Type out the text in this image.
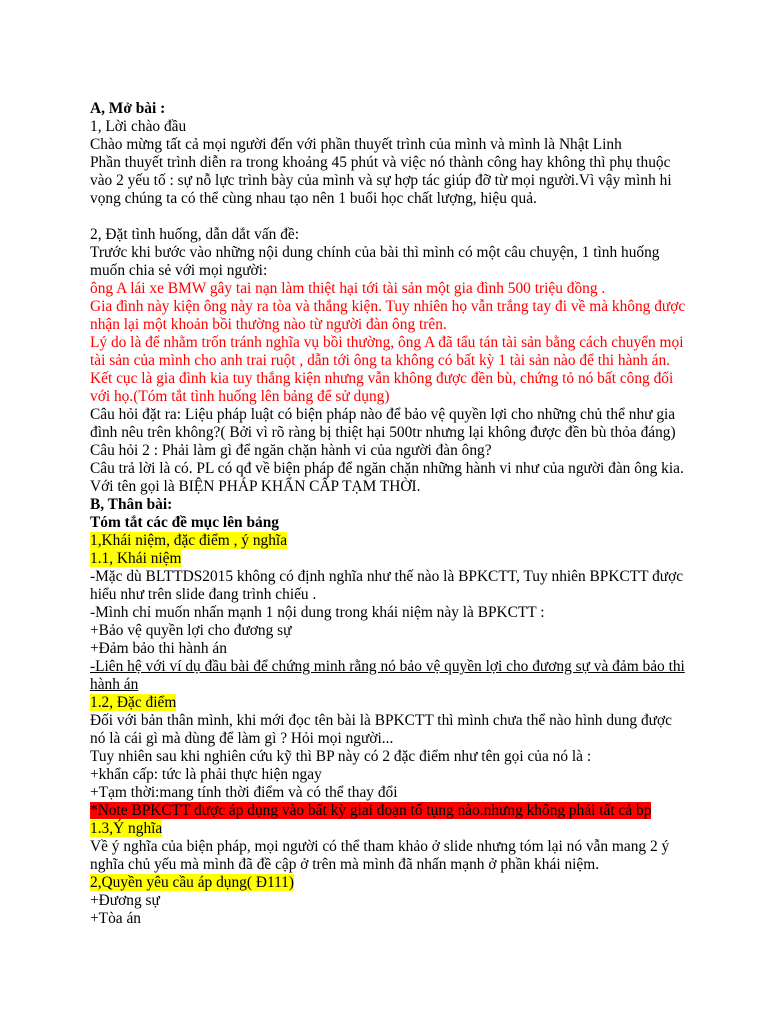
A, Mở bài :
1, Lời chào đầu
Chào mừng tất cả mọi người đến với phần thuyết trình của mình và mình là Nhật Linh
Phần thuyết trình diễn ra trong khoảng 45 phút và việc nó thành công hay không thì phụ thuộc
vào 2 yếu tố : sự nỗ lực trình bày của mình và sự hợp tác giúp đỡ từ mọi người.Vì vậy mình hi
vọng chúng ta có thể cùng nhau tạo nên 1 buổi học chất lượng, hiệu quả.
2, Đặt tình huống, dẫn dắt vấn đề:
Trước khi bước vào những nội dung chính của bài thì mình có một câu chuyện, 1 tình huống
muốn chia sẻ với mọi người:
ông A lái xe BMW gây tai nạn làm thiệt hại tới tài sản một gia đình 500 triệu đồng .
Gia đình này kiện ông này ra tòa và thắng kiện. Tuy nhiên họ vẫn trắng tay đi về mà không được
nhận lại một khoản bồi thường nào từ người đàn ông trên.
Lý do là để nhằm trốn tránh nghĩa vụ bồi thường, ông A đã tẩu tán tài sản bằng cách chuyển mọi
tài sản của mình cho anh trai ruột , dẫn tới ông ta không có bất kỳ 1 tài sản nào để thi hành án.
Kết cục là gia đình kia tuy thắng kiện nhưng vẫn không được đền bù, chứng tỏ nó bất công đối
với họ.(Tóm tắt tình huống lên bảng để sử dụng)
Câu hỏi đặt ra: Liệu pháp luật có biện pháp nào để bảo vệ quyền lợi cho những chủ thể như gia
đình nêu trên không?( Bởi vì rõ ràng bị thiệt hại 500tr nhưng lại không được đền bù thỏa đáng)
Câu hỏi 2 : Phải làm gì để ngăn chặn hành vi của người đàn ông?
Câu trả lời là có. PL có qđ về biện pháp để ngăn chặn những hành vi như của người đàn ông kia.
Với tên gọi là BIỆN PHÁP KHẨN CẤP TẠM THỜI.
B, Thân bài:
Tóm tắt các đề mục lên bảng
1,Khái niệm, đặc điểm , ý nghĩa
1.1, Khái niệm
-Mặc dù BLTTDS2015 không có định nghĩa như thế nào là BPKCTT, Tuy nhiên BPKCTT được
hiểu như trên slide đang trình chiếu .
-Mình chỉ muốn nhấn mạnh 1 nội dung trong khái niệm này là BPKCTT :
+Bảo vệ quyền lợi cho đương sự
+Đảm bảo thi hành án
-Liên hệ với ví dụ đầu bài để chứng minh rằng nó bảo vệ quyền lợi cho đương sự và đảm bảo thi
hành án
1.2, Đặc điểm
Đối với bản thân mình, khi mới đọc tên bài là BPKCTT thì mình chưa thể nào hình dung được
nó là cái gì mà dùng để làm gì ? Hỏi mọi người...
Tuy nhiên sau khi nghiên cứu kỹ thì BP này có 2 đặc điểm như tên gọi của nó là :
+khẩn cấp: tức là phải thực hiện ngay
+Tạm thời:mang tính thời điểm và có thể thay đổi
*Note BPKCTT được áp dụng vào bất kỳ giai đoạn tố tụng nào.nhưng không phải tất cả bp
1.3,Ý nghĩa
Về ý nghĩa của biện pháp, mọi người có thể tham khảo ở slide nhưng tóm lại nó vẫn mang 2 ý
nghĩa chủ yếu mà mình đã đề cập ở trên mà mình đã nhấn mạnh ở phần khái niệm.
2,Quyền yêu cầu áp dụng( Đ111)
+Đương sự
+Tòa án
